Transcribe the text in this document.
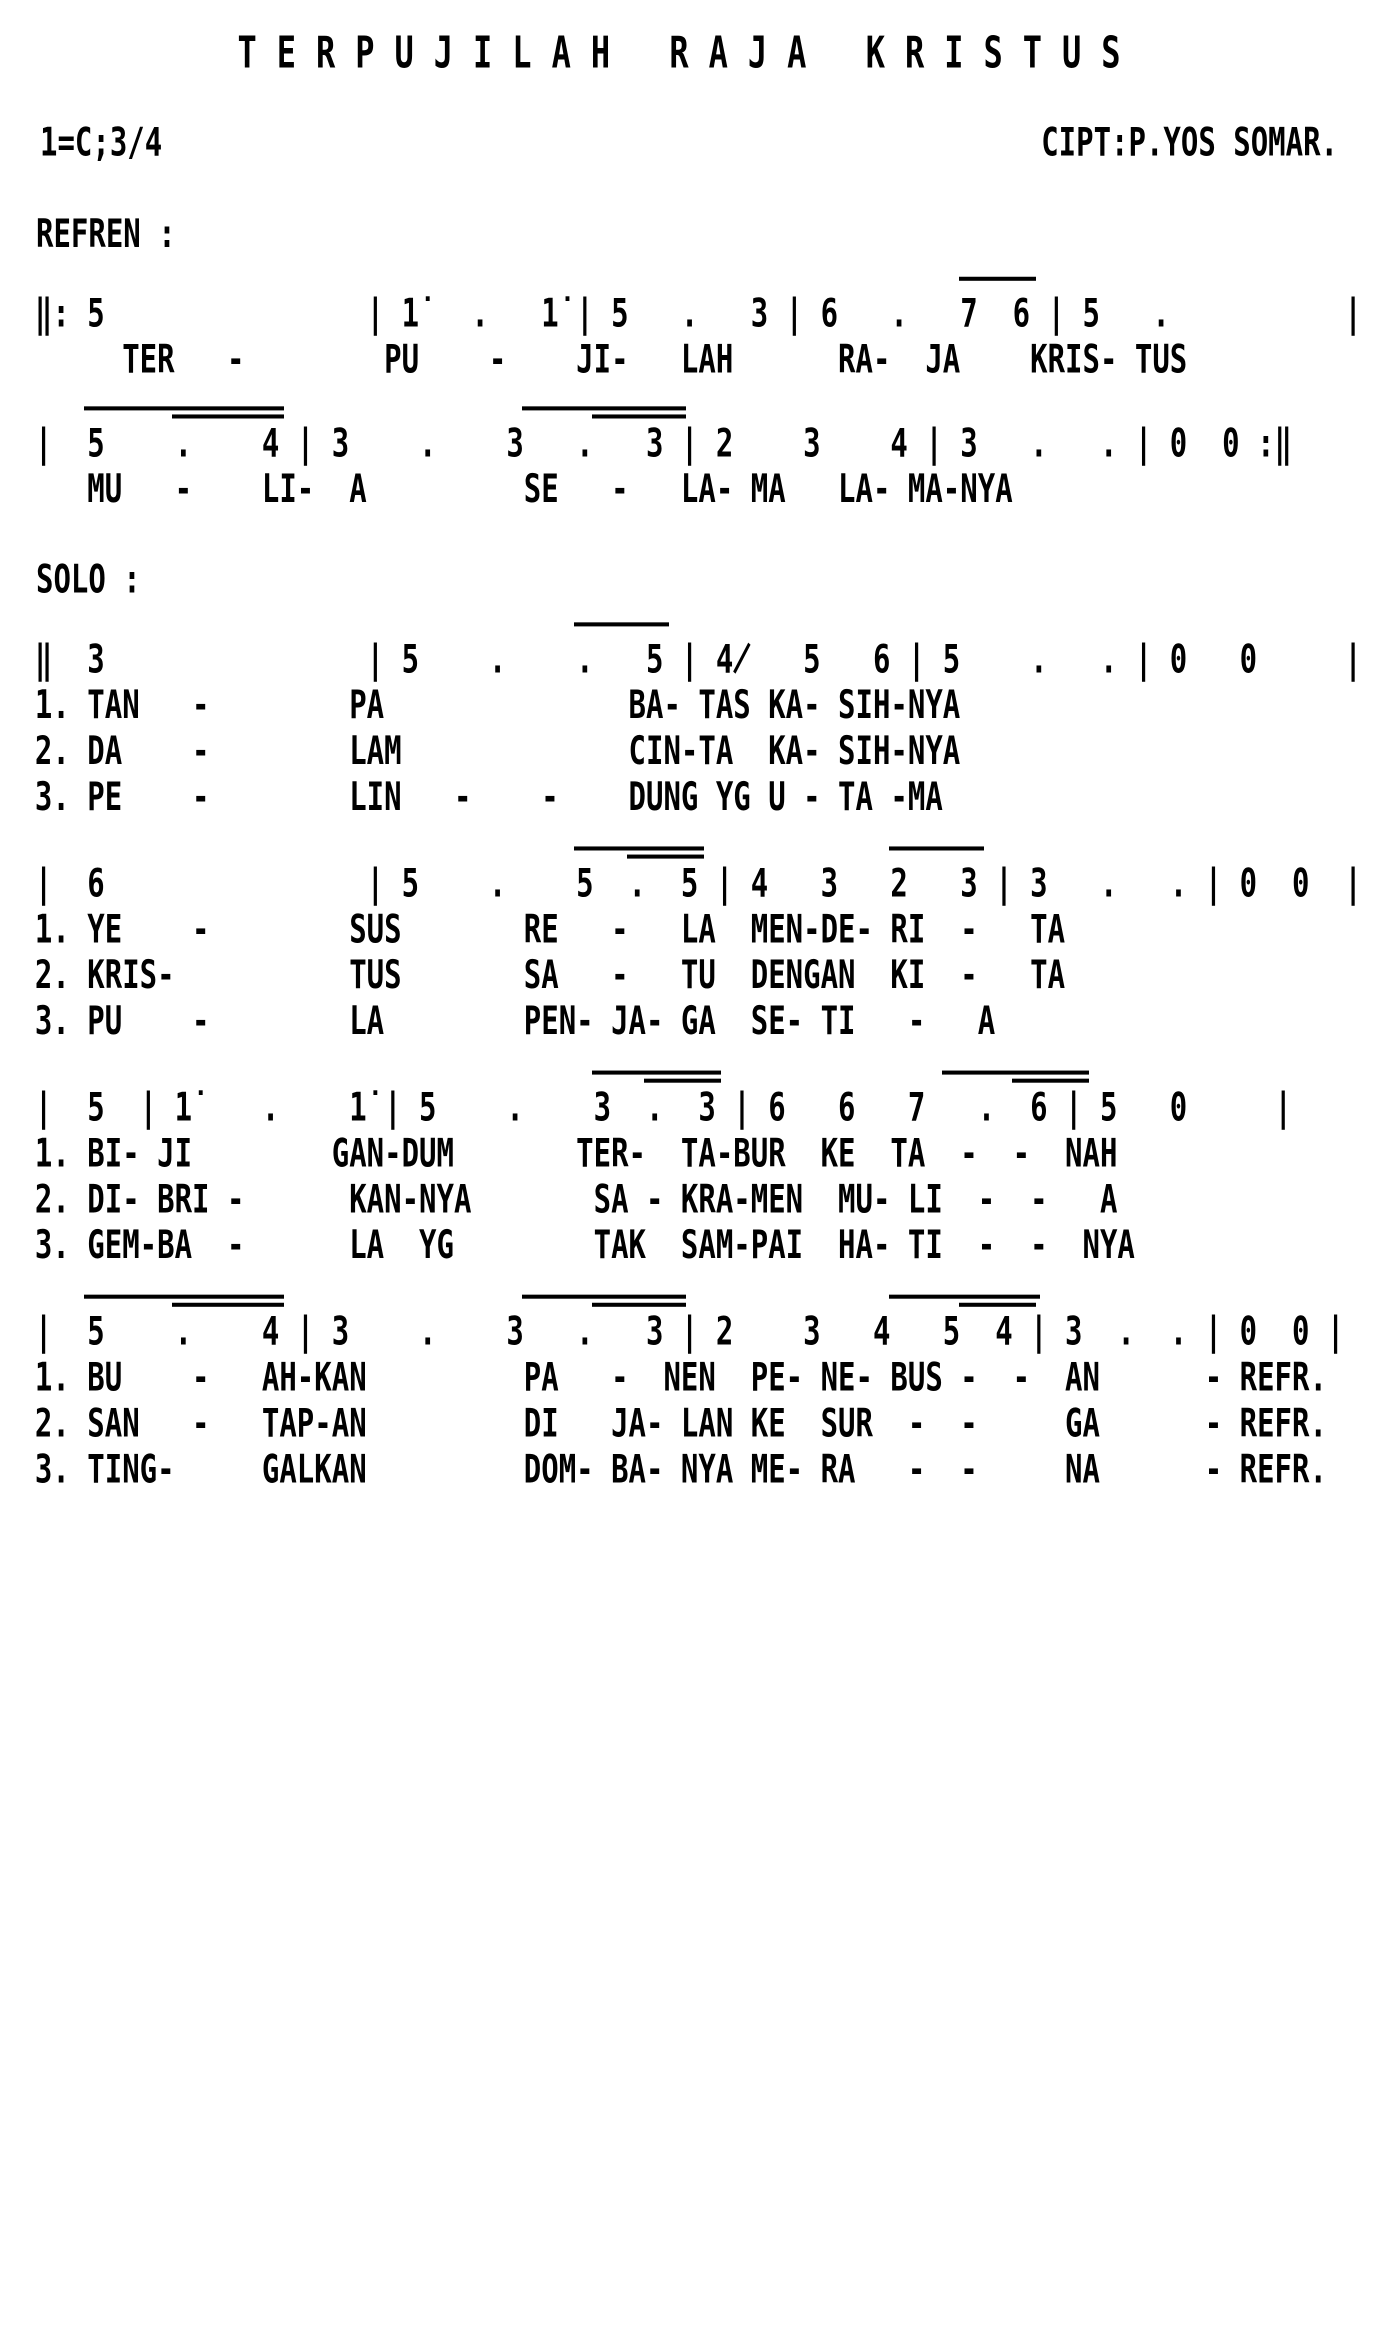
TERPUJILAH RAJA KRISTUS
1=C;3/4	CIPT:P.YOS SOMAR.
REFREN :
‖: 5               | 1̇   .   1̇ | 5   .   3 | 6   .   7  6 | 5   .          |
TER   -        PU    -    JI-   LAH      RA-  JA    KRIS- TUS
|  5    .    4 | 3    .    3   .   3 | 2    3    4 | 3   .   . | 0  0 :‖
MU   -    LI-  A         SE   -   LA- MA   LA- MA-NYA
SOLO :
‖  3               | 5    .    .   5 | 4̸   5   6 | 5    .   . | 0   0     |
1. TAN   -        PA              BA- TAS KA- SIH-NYA
2. DA    -        LAM             CIN-TA  KA- SIH-NYA
3. PE    -        LIN   -    -    DUNG YG U - TA -MA
|  6               | 5    .    5  .  5 | 4   3   2   3 | 3   .   . | 0  0  |
1. YE    -        SUS       RE   -   LA  MEN-DE- RI  -   TA
2. KRIS-          TUS       SA   -   TU  DENGAN  KI  -   TA
3. PU    -        LA        PEN- JA- GA  SE- TI   -   A
|  5  | 1̇    .    1̇ | 5    .    3  .  3 | 6   6   7   .  6 | 5   0     |
1. BI- JI        GAN-DUM       TER-  TA-BUR  KE  TA  -  -  NAH
2. DI- BRI -      KAN-NYA       SA - KRA-MEN  MU- LI  -  -   A
3. GEM-BA  -      LA  YG        TAK  SAM-PAI  HA- TI  -  -  NYA
|  5    .    4 | 3    .    3   .   3 | 2    3   4   5  4 | 3  .  . | 0  0 |
1. BU    -   AH-KAN         PA   -  NEN  PE- NE- BUS -  -  AN      - REFR.
2. SAN   -   TAP-AN         DI   JA- LAN KE  SUR  -  -     GA      - REFR.
3. TING-     GALKAN         DOM- BA- NYA ME- RA   -  -     NA      - REFR.
